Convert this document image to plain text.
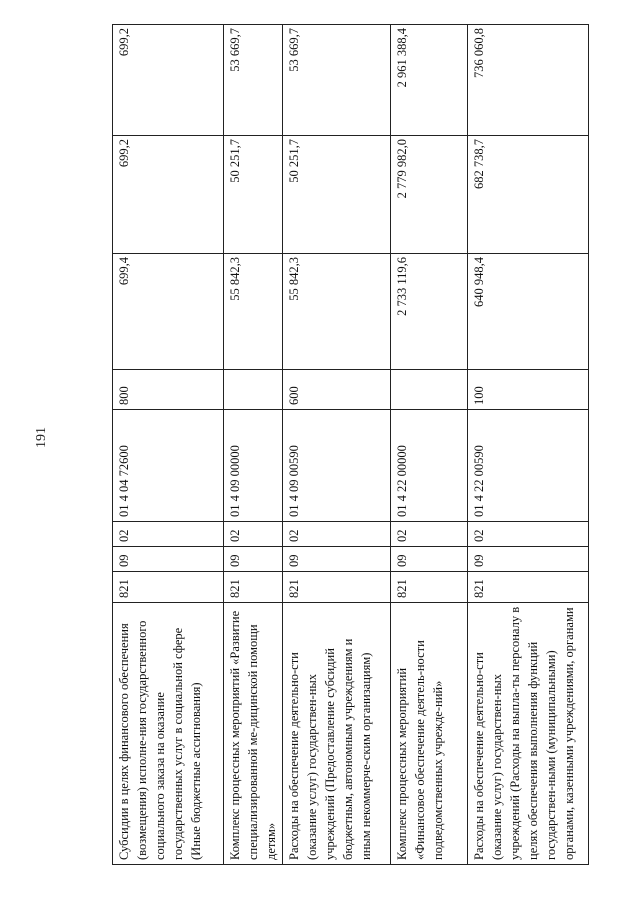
191
Субсидии в целях финансового обеспечения (возмещения) исполне-ния государственного социального заказа на оказание государственных услуг в социальной сфере (Иные бюджетные ассигнования)	821	09	02	01 4 04 72600	800	699,4	699,2	699,2
Комплекс процессных мероприятий «Развитие специализированной ме-дицинской помощи детям»	821	09	02	01 4 09 00000		55 842,3	50 251,7	53 669,7
Расходы на обеспечение деятельно-сти (оказание услуг) государствен-ных учреждений (Предоставление субсидий бюджетным, автономным учреждениям и иным некоммерче-ским организациям)	821	09	02	01 4 09 00590	600	55 842,3	50 251,7	53 669,7
Комплекс процессных мероприятий «Финансовое обеспечение деятель-ности подведомственных учрежде-ний»	821	09	02	01 4 22 00000		2 733 119,6	2 779 982,0	2 961 388,4
Расходы на обеспечение деятельно-сти (оказание услуг) государствен-ных учреждений (Расходы на выпла-ты персоналу в целях обеспечения выполнения функций государствен-ными (муниципальными) органами, казенными учреждениями, органами	821	09	02	01 4 22 00590	100	640 948,4	682 738,7	736 060,8
